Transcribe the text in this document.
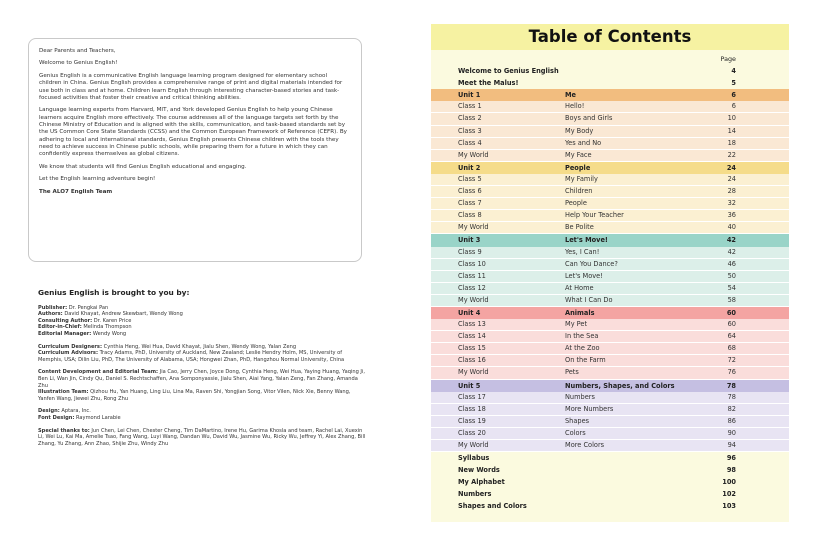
Dear Parents and Teachers,

Welcome to Genius English!

Genius English is a communicative English language learning program designed for elementary school children in China. Genius English provides a comprehensive range of print and digital materials intended for use both in class and at home. Children learn English through interesting character-based stories and task-focused activities that foster their creative and critical thinking abilities.

Language learning experts from Harvard, MIT, and York developed Genius English to help young Chinese learners acquire English more effectively. The course addresses all of the language targets set forth by the Chinese Ministry of Education and is aligned with the skills, communication, and task-based standards set by the US Common Core State Standards (CCSS) and the Common European Framework of Reference (CEFR). By adhering to local and international standards, Genius English presents Chinese children with the tools they need to achieve success in Chinese public schools, while preparing them for a future in which they can confidently express themselves as global citizens.

We know that students will find Genius English educational and engaging.

Let the English learning adventure begin!

The ALO7 English Team

Genius English is brought to you by:
Publisher: Dr. Pengkai Pan
Authors: David Khayat, Andrew Skewbart, Wendy Wong
Consulting Author: Dr. Karen Price
Editor-in-Chief: Melinda Thompson
Editorial Manager: Wendy Wong
Curriculum Designers: Cynthia Heng, Wei Hua, David Khayat, Jialu Shen, Wendy Wong, Yalan Zeng
Curriculum Advisors: Tracy Adams, PhD, University of Auckland, New Zealand; Leslie Hendry Holm, MS, University of Memphis, USA; Dilin Liu, PhD, The University of Alabama, USA; Hongwei Zhan, PhD, Hangzhou Normal University, China
Content Development and Editorial Team: Jia Cao, Jerry Chen, Joyce Dong, Cynthia Heng, Wei Hua, Yaying Huang, Yaqing Ji, Ben Li, Wan Jin, Cindy Qu, Daniel S. Rechtschaffen, Ana Somponyassie, Jialu Shen, Aiai Yang, Yalan Zeng, Fan Zhang, Amanda Zhu
Illustration Team: Qizhou Hu, Yan Huang, Ling Liu, Lina Ma, Raven Shi, Yongjian Song, Vitor Vilen, Nick Xie, Benny Wang, Yanfen Wang, Jiewei Zhu, Rong Zhu
Design: Aptara, Inc.
Font Design: Raymond Larabie
Special thanks to: Jun Chen, Lei Chen, Chester Cheng, Tim DaMartino, Irene Hu, Garima Khosla and team, Rachel Lai, Xuexin Li, Wei Lu, Kai Ma, Amelie Tsao, Fang Wang, Luyi Wang, Dandan Wu, David Wu, Jasmine Wu, Ricky Wu, Jeffrey Yi, Alex Zhang, Bill Zhang, Yu Zhang, Ann Zhao, Shijie Zhu, Windy Zhu
Table of Contents
Page
Welcome to Genius English	4
Meet the Malus!	5
Unit 1	Me	6
Class 1	Hello!	6
Class 2	Boys and Girls	10
Class 3	My Body	14
Class 4	Yes and No	18
My World	My Face	22
Unit 2	People	24
Class 5	My Family	24
Class 6	Children	28
Class 7	People	32
Class 8	Help Your Teacher	36
My World	Be Polite	40
Unit 3	Let's Move!	42
Class 9	Yes, I Can!	42
Class 10	Can You Dance?	46
Class 11	Let's Move!	50
Class 12	At Home	54
My World	What I Can Do	58
Unit 4	Animals	60
Class 13	My Pet	60
Class 14	In the Sea	64
Class 15	At the Zoo	68
Class 16	On the Farm	72
My World	Pets	76
Unit 5	Numbers, Shapes, and Colors	78
Class 17	Numbers	78
Class 18	More Numbers	82
Class 19	Shapes	86
Class 20	Colors	90
My World	More Colors	94
Syllabus	96
New Words	98
My Alphabet	100
Numbers	102
Shapes and Colors	103
